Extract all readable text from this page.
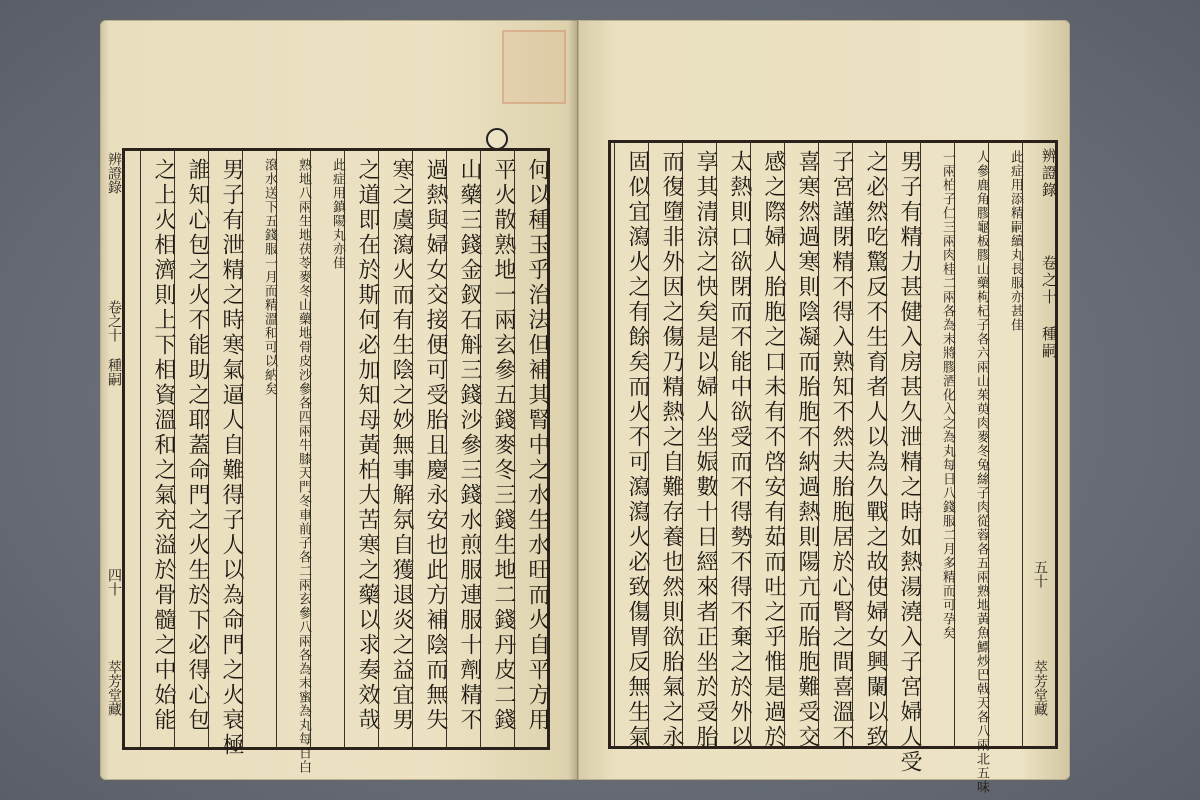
何以種玉乎治法但補其腎中之水生水旺而火自平方用
平火散熟地一兩玄參五錢麥冬三錢生地二錢丹皮二錢
山藥三錢金釵石斛三錢沙參三錢水煎服連服十劑精不
過熱與婦女交接便可受胎且慶永安也此方補陰而無失
寒之虞瀉火而有生陰之妙無事解氛自獲退炎之益宜男
之道即在於斯何必加知母黃柏大苦寒之藥以求奏效哉
此症用鎮陽丸
亦佳
熟地八兩生地茯苓麥冬山藥地骨皮沙參各四兩牛膝
天門冬車前子各二兩玄參八兩各為末蜜為丸每日白
滾水送下五錢服一月
而精溫和可以納矣
男子有泄精之時寒氣逼人自難得子人以為命門之火衰極
誰知心包之火不能助之耶蓋命門之火生於下必得心包
之上火相濟則上下相資溫和之氣充溢於骨髓之中始能
辨證錄
卷之十 種嗣
四十
萃芳堂藏
辨證錄  卷之十 種嗣
此症用添精嗣續
丸長服亦甚佳
人參鹿角膠龜板膠山藥枸杞子各六兩山茱萸肉麥冬兔
絲子肉從蓉各五兩熟地黃魚鰾炒巴戟天各八兩北五味
一兩柏子仁三兩肉桂二兩各為末將膠酒化
入之為丸每日八錢服二月多精而可孕矣
男子有精力甚健入房甚久泄精之時如熱湯澆入子宮婦人受
之必然吃驚反不生育者人以為久戰之故使婦女興闌以致
子宮謹閉精不得入熟知不然夫胎胞居於心腎之間喜溫不
喜寒然過寒則陰凝而胎胞不納過熱則陽亢而胎胞難受交
感之際婦人胎胞之口未有不啓安有茹而吐之乎惟是過於
太熱則口欲閉而不能中欲受而不得勢不得不棄之於外以
享其清涼之快矣是以婦人坐娠數十日經來者正坐於受胎
而復墮非外因之傷乃精熱之自難存養也然則欲胎氣之永
固似宜瀉火之有餘矣而火不可瀉瀉火必致傷胃反無生氣	五十
萃芳堂藏
